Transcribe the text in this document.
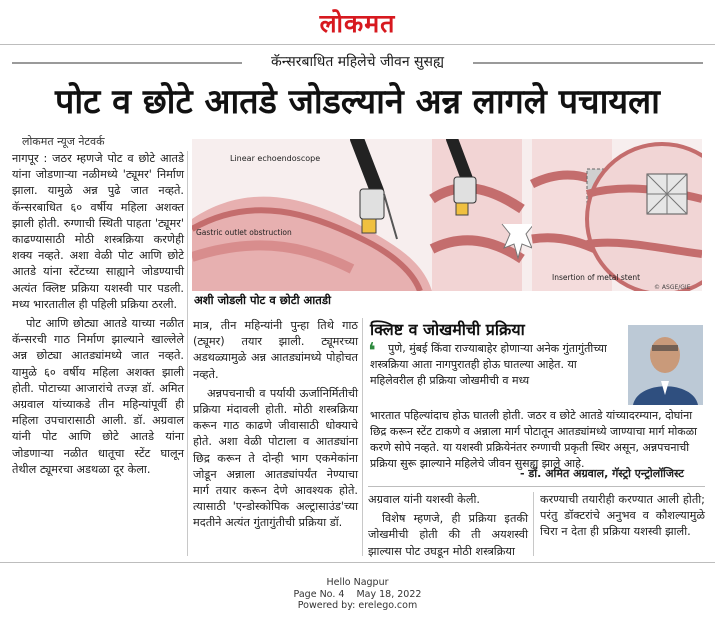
लोकमत
कॅन्सरबाधित महिलेचे जीवन सुसह्य
पोट व छोटे आतडे जोडल्याने अन्न लागले पचायला
लोकमत न्यूज नेटवर्क

नागपूर : जठर म्हणजे पोट व छोटे आतडे यांना जोडणाऱ्या नळीमध्ये 'ट्यूमर' निर्माण झाला. यामुळे अन्न पुढे जात नव्हते. कॅन्सरबाधित ६० वर्षीय महिला अशक्त झाली होती. रुग्णाची स्थिती पाहता 'ट्यूमर' काढण्यासाठी मोठी शस्त्रक्रिया करणेही शक्य नव्हते. अशा वेळी पोट आणि छोटे आतडे यांना स्टेंटच्या साह्याने जोडण्याची अत्यंत क्लिष्ट प्रक्रिया यशस्वी पार पडली. मध्य भारतातील ही पहिली प्रक्रिया ठरली.

पोट आणि छोट्या आतडे याच्या नळीत कॅन्सरची गाठ निर्माण झाल्याने खाल्लेले अन्न छोट्या आतड्यांमध्ये जात नव्हते. यामुळे ६० वर्षीय महिला अशक्त झाली होती. पोटाच्या आजारांचे तज्ज्ञ डॉ. अमित अग्रवाल यांच्याकडे तीन महिन्यांपूर्वी ही महिला उपचारासाठी आली. डॉ. अग्रवाल यांनी पोट आणि छोटे आतडे यांना जोडणाऱ्या नळीत धातूचा स्टेंट घालून तेथील ट्यूमरचा अडथळा दूर केला.

Linear echoendoscope
Gastric outlet obstruction
Insertion of metal stent
© ASGE/GIE
अशी जोडली पोट व छोटी आतडी

मात्र, तीन महिन्यांनी पुन्हा तिथे गाठ (ट्यूमर) तयार झाली. ट्यूमरच्या अडथळ्यामुळे अन्न आतड्यांमध्ये पोहोचत नव्हते.

अन्नपचनाची व पर्यायी ऊर्जानिर्मितीची प्रक्रिया मंदावली होती. मोठी शस्त्रक्रिया करून गाठ काढणे जीवासाठी धोक्याचे होते. अशा वेळी पोटाला व आतड्यांना छिद्र करून ते दोन्ही भाग एकमेकांना जोडून अन्नाला आतड्यांपर्यंत नेण्याचा मार्ग तयार करून देणे आवश्यक होते. त्यासाठी 'एन्डोस्कोपिक अल्ट्रासाउंड'च्या मदतीने अत्यंत गुंतागुंतीची प्रक्रिया डॉ.

क्लिष्ट व जोखमीची प्रक्रिया
❛	पुणे, मुंबई किंवा राज्याबाहेर होणाऱ्या अनेक गुंतागुंतीच्या शस्त्रक्रिया आता नागपुरातही होऊ घातल्या आहेत. या महिलेवरील ही प्रक्रिया जोखमीची व मध्य
भारतात पहिल्यांदाच होऊ घातली होती. जठर व छोटे आतडे यांच्यादरम्यान, दोघांना छिद्र करून स्टेंट टाकणे व अन्नाला मार्ग पोटातून आतड्यांमध्ये जाण्याचा मार्ग मोकळा करणे सोपे नव्हते. या यशस्वी प्रक्रियेनंतर रुग्णाची प्रकृती स्थिर असून, अन्नपचनाची प्रक्रिया सुरू झाल्याने महिलेचे जीवन सुसह्य झाले आहे.
- डॉ. अमित अग्रवाल, गॅस्ट्रो एन्ट्रोलॉजिस्ट

अग्रवाल यांनी यशस्वी केली.

विशेष म्हणजे, ही प्रक्रिया इतकी जोखमीची होती की ती अयशस्वी झाल्यास पोट उघडून मोठी शस्त्रक्रिया

करण्याची तयारीही करण्यात आली होती; परंतु डॉक्टरांचे अनुभव व कौशल्यामुळे चिरा न देता ही प्रक्रिया यशस्वी झाली.

Hello Nagpur
Page No. 4    May 18, 2022
Powered by: erelego.com
